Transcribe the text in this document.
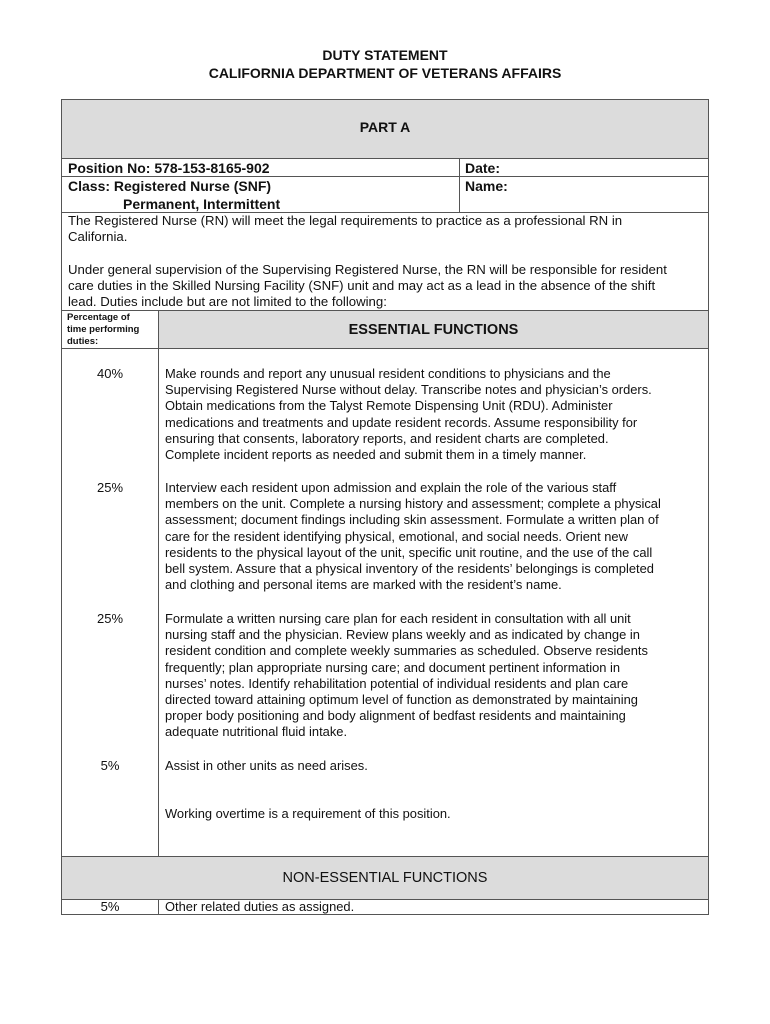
DUTY STATEMENT
CALIFORNIA DEPARTMENT OF VETERANS AFFAIRS
PART A
Position No: 578-153-8165-902
Class: Registered Nurse (SNF)
Permanent, Intermittent
Date:
Name:
The Registered Nurse (RN) will meet the legal requirements to practice as a professional RN in
California.
Under general supervision of the Supervising Registered Nurse, the RN will be responsible for resident
care duties in the Skilled Nursing Facility (SNF) unit and may act as a lead in the absence of the shift
lead. Duties include but are not limited to the following:
Percentage of
time performing
duties:
ESSENTIAL FUNCTIONS
40%	Make rounds and report any unusual resident conditions to physicians and the
Supervising Registered Nurse without delay. Transcribe notes and physician’s orders.
Obtain medications from the Talyst Remote Dispensing Unit (RDU). Administer
medications and treatments and update resident records. Assume responsibility for
ensuring that consents, laboratory reports, and resident charts are completed.
Complete incident reports as needed and submit them in a timely manner.
25%	Interview each resident upon admission and explain the role of the various staff
members on the unit. Complete a nursing history and assessment; complete a physical
assessment; document findings including skin assessment. Formulate a written plan of
care for the resident identifying physical, emotional, and social needs. Orient new
residents to the physical layout of the unit, specific unit routine, and the use of the call
bell system. Assure that a physical inventory of the residents’ belongings is completed
and clothing and personal items are marked with the resident’s name.
25%	Formulate a written nursing care plan for each resident in consultation with all unit
nursing staff and the physician. Review plans weekly and as indicated by change in
resident condition and complete weekly summaries as scheduled. Observe residents
frequently; plan appropriate nursing care; and document pertinent information in
nurses’ notes. Identify rehabilitation potential of individual residents and plan care
directed toward attaining optimum level of function as demonstrated by maintaining
proper body positioning and body alignment of bedfast residents and maintaining
adequate nutritional fluid intake.
5%	Assist in other units as need arises.
Working overtime is a requirement of this position.
NON-ESSENTIAL FUNCTIONS
5%	Other related duties as assigned.
